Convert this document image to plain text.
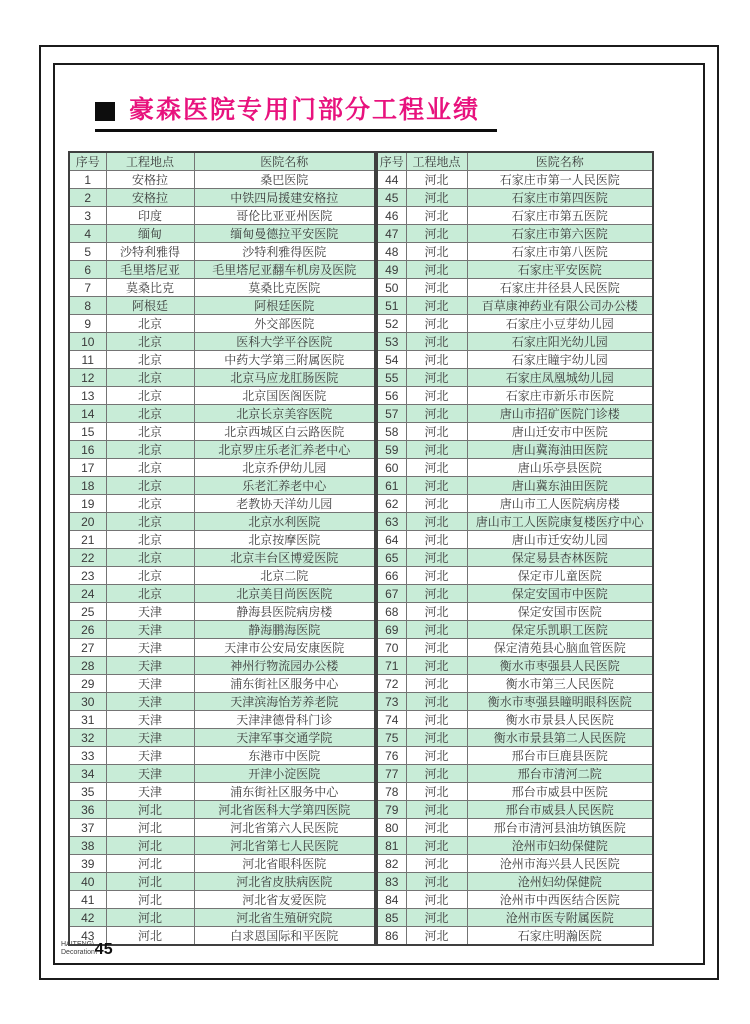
豪森医院专用门部分工程业绩
序号	工程地点	医院名称
1	安格拉	桑巴医院
2	安格拉	中铁四局援建安格拉
3	印度	哥伦比亚亚州医院
4	缅甸	缅甸曼德拉平安医院
5	沙特利雅得	沙特利雅得医院
6	毛里塔尼亚	毛里塔尼亚翻车机房及医院
7	莫桑比克	莫桑比克医院
8	阿根廷	阿根廷医院
9	北京	外交部医院
10	北京	医科大学平谷医院
11	北京	中药大学第三附属医院
12	北京	北京马应龙肛肠医院
13	北京	北京国医阁医院
14	北京	北京长京美容医院
15	北京	北京西城区白云路医院
16	北京	北京罗庄乐老汇养老中心
17	北京	北京乔伊幼儿园
18	北京	乐老汇养老中心
19	北京	老教协天洋幼儿园
20	北京	北京水利医院
21	北京	北京按摩医院
22	北京	北京丰台区博爱医院
23	北京	北京二院
24	北京	北京美目尚医医院
25	天津	静海县医院病房楼
26	天津	静海鹏海医院
27	天津	天津市公安局安康医院
28	天津	神州行物流园办公楼
29	天津	浦东街社区服务中心
30	天津	天津滨海怡芳养老院
31	天津	天津津德骨科门诊
32	天津	天津军事交通学院
33	天津	东港市中医院
34	天津	开津小淀医院
35	天津	浦东街社区服务中心
36	河北	河北省医科大学第四医院
37	河北	河北省第六人民医院
38	河北	河北省第七人民医院
39	河北	河北省眼科医院
40	河北	河北省皮肤病医院
41	河北	河北省友爱医院
42	河北	河北省生殖研究院
43	河北	白求恩国际和平医院
序号	工程地点	医院名称
44	河北	石家庄市第一人民医院
45	河北	石家庄市第四医院
46	河北	石家庄市第五医院
47	河北	石家庄市第六医院
48	河北	石家庄市第八医院
49	河北	石家庄平安医院
50	河北	石家庄井径县人民医院
51	河北	百草康神药业有限公司办公楼
52	河北	石家庄小豆芽幼儿园
53	河北	石家庄阳光幼儿园
54	河北	石家庄瞳宇幼儿园
55	河北	石家庄凤凰城幼儿园
56	河北	石家庄市新乐市医院
57	河北	唐山市招矿医院门诊楼
58	河北	唐山迁安市中医院
59	河北	唐山冀海油田医院
60	河北	唐山乐亭县医院
61	河北	唐山冀东油田医院
62	河北	唐山市工人医院病房楼
63	河北	唐山市工人医院康复楼医疗中心
64	河北	唐山市迁安幼儿园
65	河北	保定易县杏林医院
66	河北	保定市儿童医院
67	河北	保定安国市中医院
68	河北	保定安国市医院
69	河北	保定乐凯职工医院
70	河北	保定清苑县心脑血管医院
71	河北	衡水市枣强县人民医院
72	河北	衡水市第三人民医院
73	河北	衡水市枣强县瞳明眼科医院
74	河北	衡水市景县人民医院
75	河北	衡水市景县第二人民医院
76	河北	邢台市巨鹿县医院
77	河北	邢台市清河二院
78	河北	邢台市威县中医院
79	河北	邢台市威县人民医院
80	河北	邢台市清河县油坊镇医院
81	河北	沧州市妇幼保健院
82	河北	沧州市海兴县人民医院
83	河北	沧州妇幼保健院
84	河北	沧州市中西医结合医院
85	河北	沧州市医专附属医院
86	河北	石家庄明瀚医院
HAITENG\
Decoration\
45
